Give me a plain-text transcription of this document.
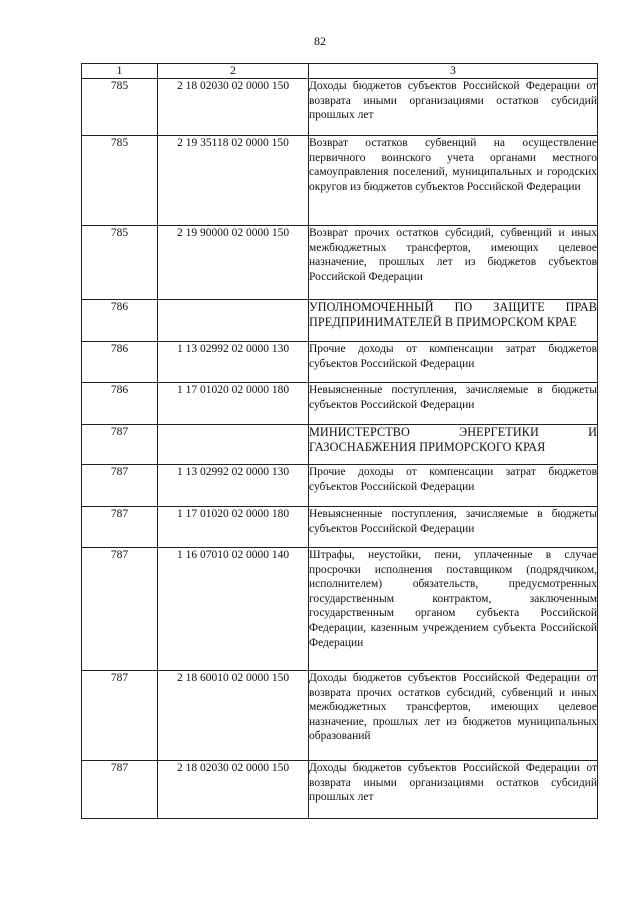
82
1	2	3
785	2 18 02030 02 0000 150	Доходы бюджетов субъектов Российской Федерации от возврата иными организациями остатков субсидий прошлых лет
785	2 19 35118 02 0000 150	Возврат остатков субвенций на осуществление первичного воинского учета органами местного самоуправления поселений, муниципальных и городских округов из бюджетов субъектов Российской Федерации
785	2 19 90000 02 0000 150	Возврат прочих остатков субсидий, субвенций и иных межбюджетных трансфертов, имеющих целевое назначение, прошлых лет из бюджетов субъектов Российской Федерации
786		УПОЛНОМОЧЕННЫЙ ПО ЗАЩИТЕ ПРАВ ПРЕДПРИНИМАТЕЛЕЙ В ПРИМОРСКОМ КРАЕ
786	1 13 02992 02 0000 130	Прочие доходы от компенсации затрат бюджетов субъектов Российской Федерации
786	1 17 01020 02 0000 180	Невыясненные поступления, зачисляемые в бюджеты субъектов Российской Федерации
787		МИНИСТЕРСТВО ЭНЕРГЕТИКИ И ГАЗОСНАБЖЕНИЯ ПРИМОРСКОГО КРАЯ
787	1 13 02992 02 0000 130	Прочие доходы от компенсации затрат бюджетов субъектов Российской Федерации
787	1 17 01020 02 0000 180	Невыясненные поступления, зачисляемые в бюджеты субъектов Российской Федерации
787	1 16 07010 02 0000 140	Штрафы, неустойки, пени, уплаченные в случае просрочки исполнения поставщиком (подрядчиком, исполнителем) обязательств, предусмотренных государственным контрактом, заключенным государственным органом субъекта Российской Федерации, казенным учреждением субъекта Российской Федерации
787	2 18 60010 02 0000 150	Доходы бюджетов субъектов Российской Федерации от возврата прочих остатков субсидий, субвенций и иных межбюджетных трансфертов, имеющих целевое назначение, прошлых лет из бюджетов муниципальных образований
787	2 18 02030 02 0000 150	Доходы бюджетов субъектов Российской Федерации от возврата иными организациями остатков субсидий прошлых лет
